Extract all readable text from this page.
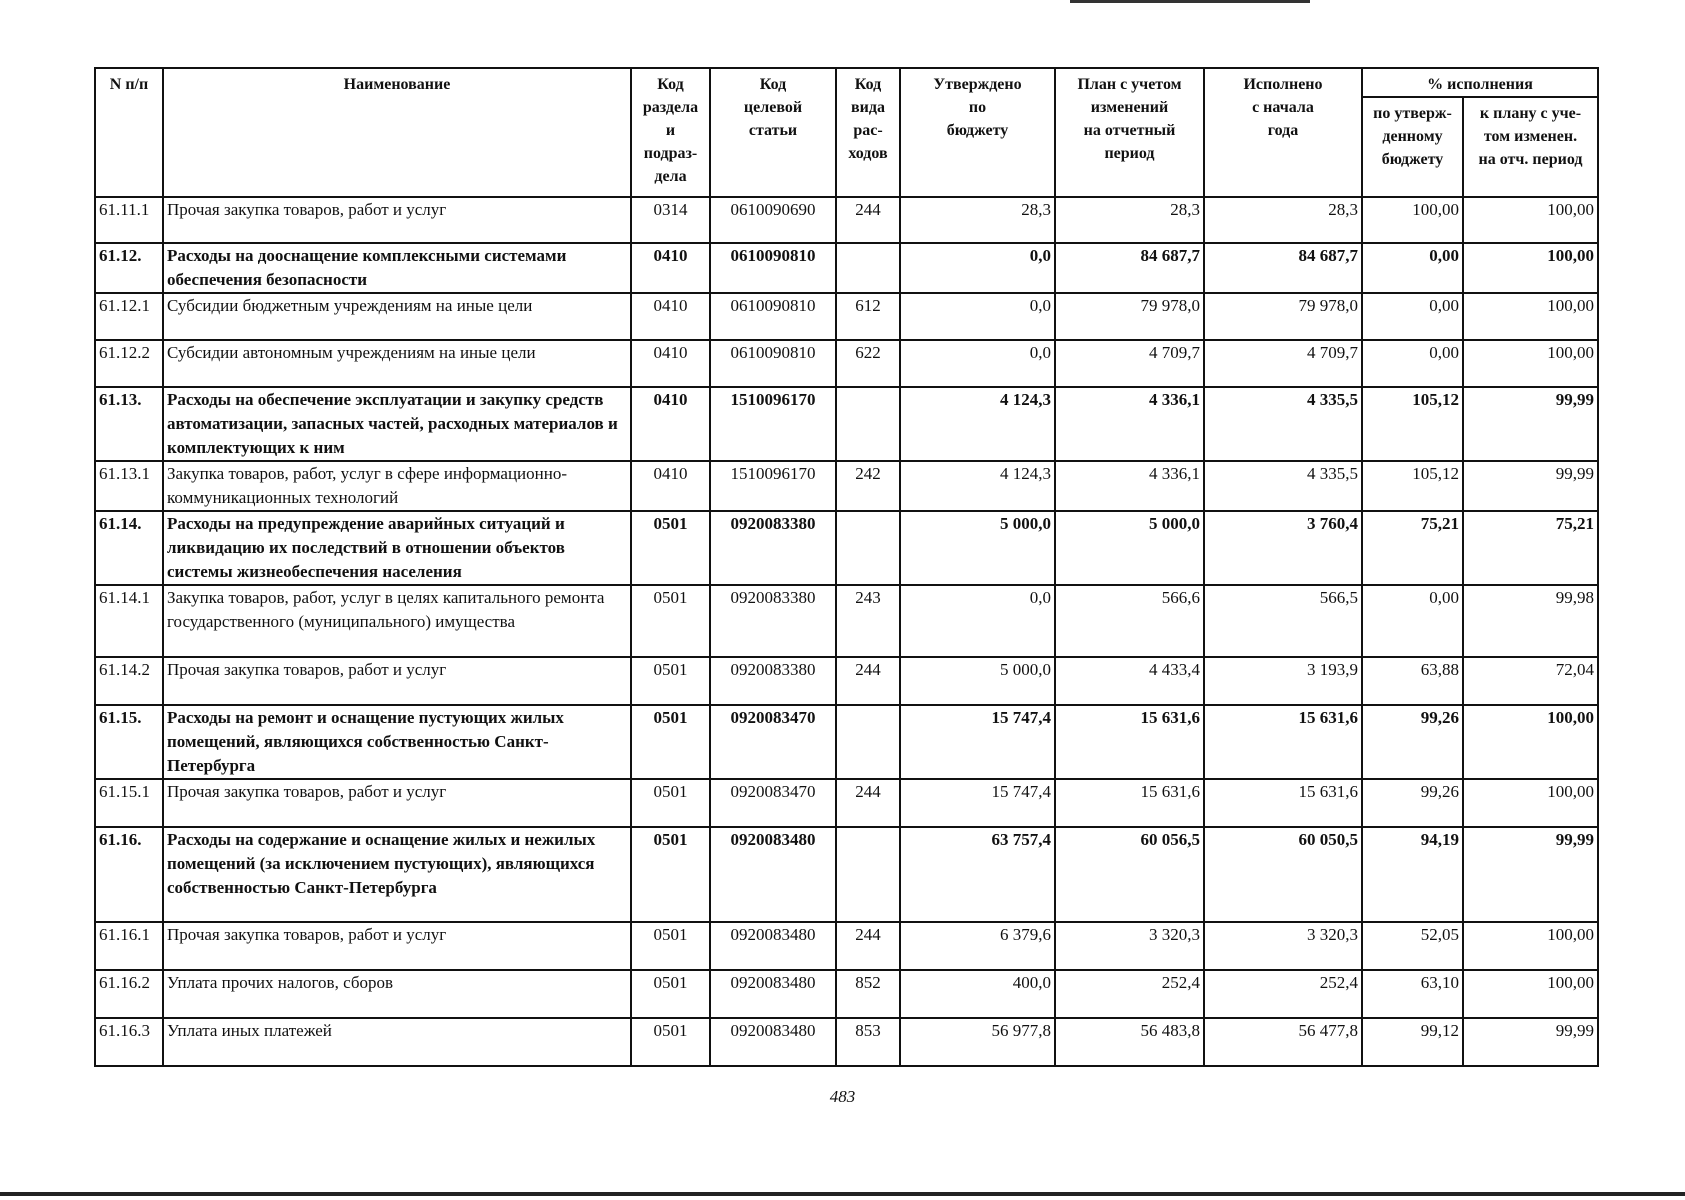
N п/п	Наименование	Код
раздела
и
подраз-
дела	Код
целевой
статьи	Код
вида
рас-
ходов	Утверждено
по
бюджету	План с учетом
изменений
на отчетный
период	Исполнено
с начала
года	% исполнения	
								по утверж-
денному
бюджету	к плану с уче-
том изменен.
на отч. период
61.11.1	Прочая закупка товаров, работ и услуг	0314	0610090690	244	28,3	28,3	28,3	100,00	100,00
61.12.	Расходы на дооснащение комплексными системами обеспечения безопасности	0410	0610090810		0,0	84 687,7	84 687,7	0,00	100,00
61.12.1	Субсидии бюджетным учреждениям на иные цели	0410	0610090810	612	0,0	79 978,0	79 978,0	0,00	100,00
61.12.2	Субсидии автономным учреждениям на иные цели	0410	0610090810	622	0,0	4 709,7	4 709,7	0,00	100,00
61.13.	Расходы на обеспечение эксплуатации и закупку средств автоматизации, запасных частей, расходных материалов и комплектующих к ним	0410	1510096170		4 124,3	4 336,1	4 335,5	105,12	99,99
61.13.1	Закупка товаров, работ, услуг в сфере информационно-коммуникационных технологий	0410	1510096170	242	4 124,3	4 336,1	4 335,5	105,12	99,99
61.14.	Расходы на предупреждение аварийных ситуаций и ликвидацию их последствий в отношении объектов системы жизнеобеспечения населения	0501	0920083380		5 000,0	5 000,0	3 760,4	75,21	75,21
61.14.1	Закупка товаров, работ, услуг в целях капитального ремонта государственного (муниципального) имущества	0501	0920083380	243	0,0	566,6	566,5	0,00	99,98
61.14.2	Прочая закупка товаров, работ и услуг	0501	0920083380	244	5 000,0	4 433,4	3 193,9	63,88	72,04
61.15.	Расходы на ремонт и оснащение пустующих жилых помещений, являющихся собственностью Санкт-Петербурга	0501	0920083470		15 747,4	15 631,6	15 631,6	99,26	100,00
61.15.1	Прочая закупка товаров, работ и услуг	0501	0920083470	244	15 747,4	15 631,6	15 631,6	99,26	100,00
61.16.	Расходы на содержание и оснащение жилых и нежилых помещений (за исключением пустующих), являющихся собственностью Санкт-Петербурга	0501	0920083480		63 757,4	60 056,5	60 050,5	94,19	99,99
61.16.1	Прочая закупка товаров, работ и услуг	0501	0920083480	244	6 379,6	3 320,3	3 320,3	52,05	100,00
61.16.2	Уплата прочих налогов, сборов	0501	0920083480	852	400,0	252,4	252,4	63,10	100,00
61.16.3	Уплата иных платежей	0501	0920083480	853	56 977,8	56 483,8	56 477,8	99,12	99,99
483
